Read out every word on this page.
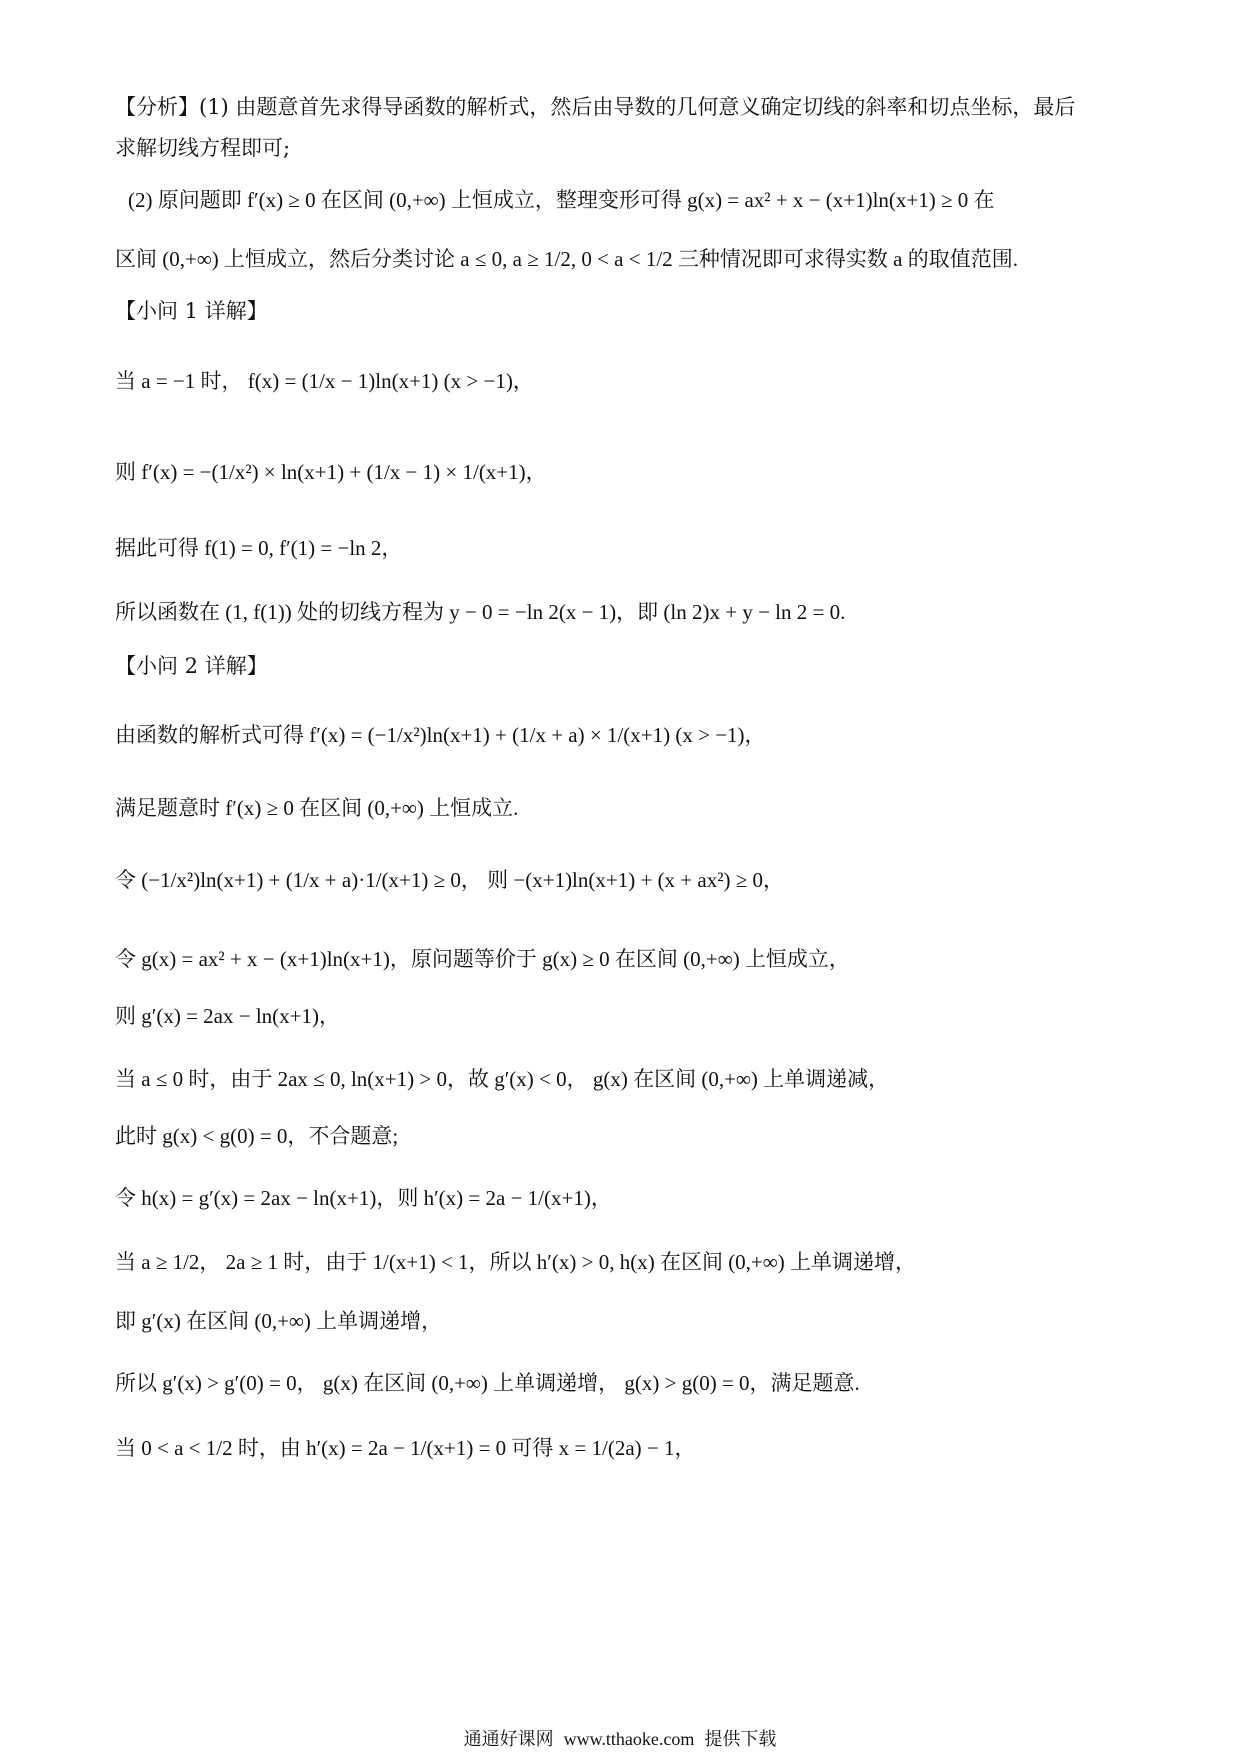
【分析】(1) 由题意首先求得导函数的解析式，然后由导数的几何意义确定切线的斜率和切点坐标，最后
求解切线方程即可;
(2) 原问题即 f′(x) ≥ 0 在区间 (0,+∞) 上恒成立，整理变形可得 g(x) = ax² + x − (x+1)ln(x+1) ≥ 0 在
区间 (0,+∞) 上恒成立，然后分类讨论 a ≤ 0, a ≥ 1/2, 0 < a < 1/2 三种情况即可求得实数 a 的取值范围.
【小问 1 详解】
当 a = −1 时， f(x) = (1/x − 1)ln(x+1) (x > −1)，
则 f′(x) = −(1/x²) × ln(x+1) + (1/x − 1) × 1/(x+1)，
据此可得 f(1) = 0, f′(1) = −ln 2，
所以函数在 (1, f(1)) 处的切线方程为 y − 0 = −ln 2(x − 1)，即 (ln 2)x + y − ln 2 = 0.
【小问 2 详解】
由函数的解析式可得 f′(x) = (−1/x²)ln(x+1) + (1/x + a) × 1/(x+1) (x > −1)，
满足题意时 f′(x) ≥ 0 在区间 (0,+∞) 上恒成立.
令 (−1/x²)ln(x+1) + (1/x + a)·1/(x+1) ≥ 0， 则 −(x+1)ln(x+1) + (x + ax²) ≥ 0，
令 g(x) = ax² + x − (x+1)ln(x+1)，原问题等价于 g(x) ≥ 0 在区间 (0,+∞) 上恒成立，
则 g′(x) = 2ax − ln(x+1)，
当 a ≤ 0 时，由于 2ax ≤ 0, ln(x+1) > 0，故 g′(x) < 0， g(x) 在区间 (0,+∞) 上单调递减，
此时 g(x) < g(0) = 0，不合题意;
令 h(x) = g′(x) = 2ax − ln(x+1)，则 h′(x) = 2a − 1/(x+1)，
当 a ≥ 1/2， 2a ≥ 1 时，由于 1/(x+1) < 1，所以 h′(x) > 0, h(x) 在区间 (0,+∞) 上单调递增，
即 g′(x) 在区间 (0,+∞) 上单调递增，
所以 g′(x) > g′(0) = 0， g(x) 在区间 (0,+∞) 上单调递增， g(x) > g(0) = 0，满足题意.
当 0 < a < 1/2 时，由 h′(x) = 2a − 1/(x+1) = 0 可得 x = 1/(2a) − 1，
通通好课网 www.tthaoke.com 提供下载
